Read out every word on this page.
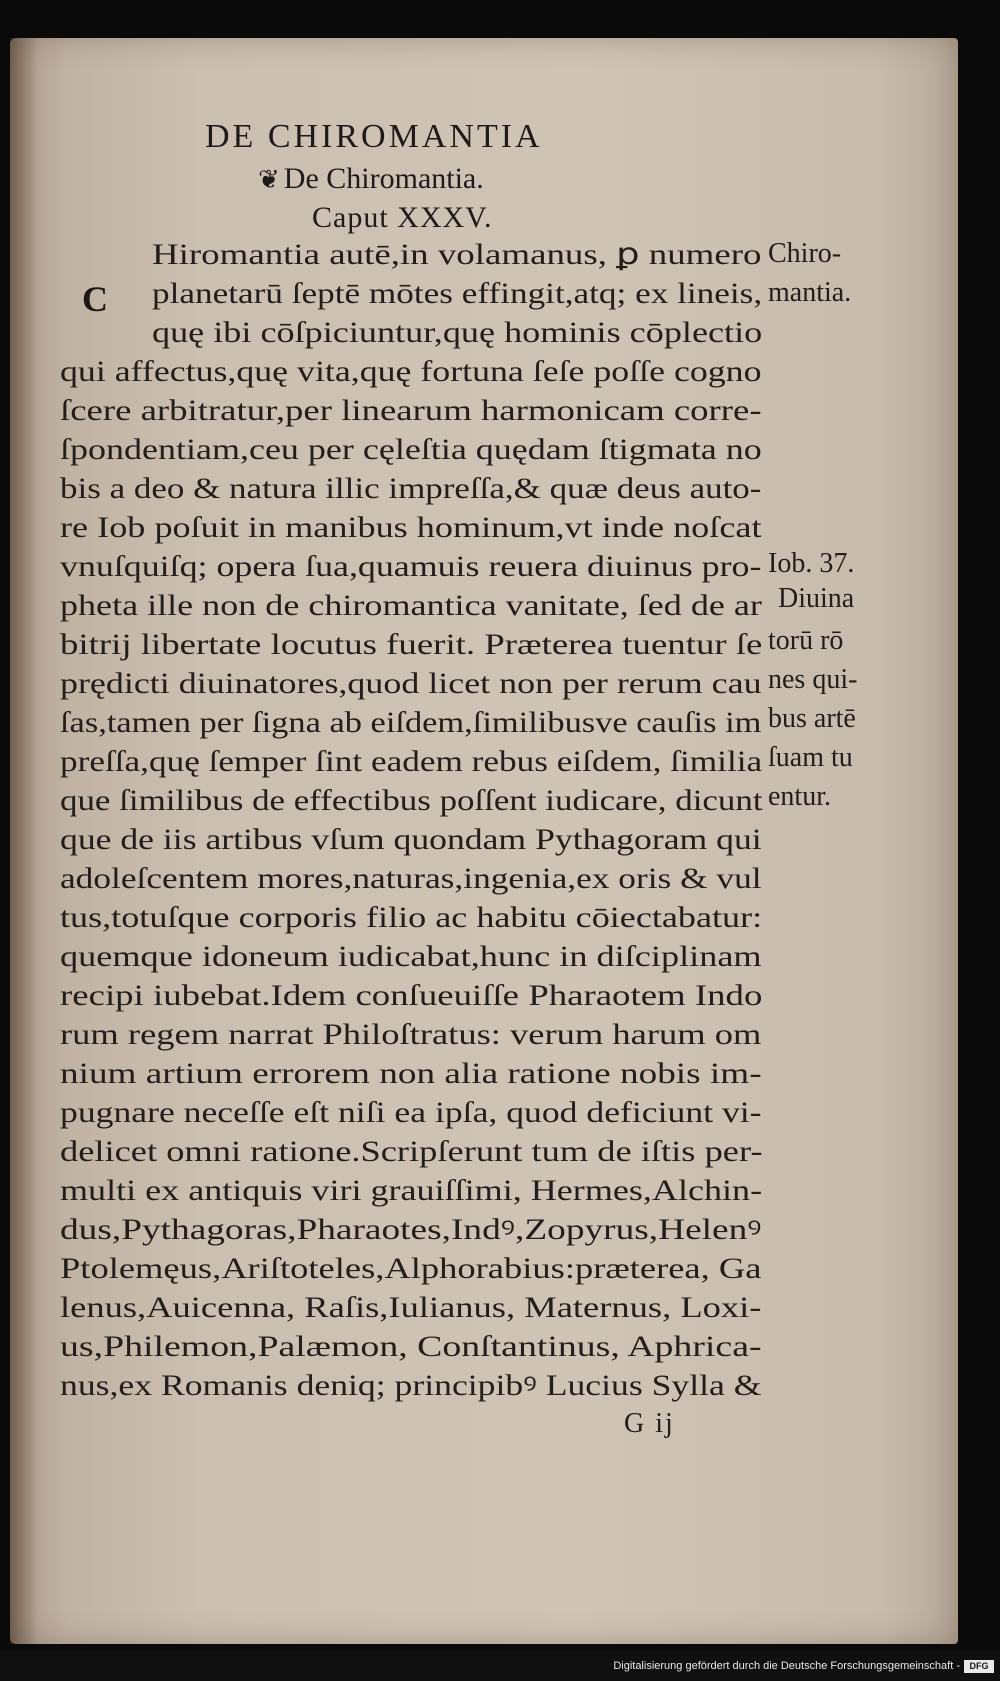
DE CHIROMANTIA
❦ De Chiromantia.
Caput XXXV.
C
Hiromantia autē,in volamanus, ꝑ numero
planetarū ſeptē mōtes effingit,atq; ex lineis,
quę ibi cōſpiciuntur,quę hominis cōplectio
qui affectus,quę vita,quę fortuna ſeſe poſſe cogno
ſcere arbitratur,per linearum harmonicam corre-
ſpondentiam,ceu per cęleſtia quędam ſtigmata no
bis a deo & natura illic impreſſa,& quæ deus auto-
re Iob poſuit in manibus hominum,vt inde noſcat
vnuſquiſq; opera ſua,quamuis reuera diuinus pro-
pheta ille non de chiromantica vanitate, ſed de ar
bitrij libertate locutus fuerit. Præterea tuentur ſe
prędicti diuinatores,quod licet non per rerum cau
ſas,tamen per ſigna ab eiſdem,ſimilibusve cauſis im
preſſa,quę ſemper ſint eadem rebus eiſdem, ſimilia
que ſimilibus de effectibus poſſent iudicare, dicunt
que de iis artibus vſum quondam Pythagoram qui
adoleſcentem mores,naturas,ingenia,ex oris & vul
tus,totuſque corporis filio ac habitu cōiectabatur:
quemque idoneum iudicabat,hunc in diſciplinam
recipi iubebat.Idem conſueuiſſe Pharaotem Indo
rum regem narrat Philoſtratus: verum harum om
nium artium errorem non alia ratione nobis im-
pugnare neceſſe eſt niſi ea ipſa, quod deficiunt vi-
delicet omni ratione.Scripſerunt tum de iſtis per-
multi ex antiquis viri grauiſſimi, Hermes,Alchin-
dus,Pythagoras,Pharaotes,Indꝰ,Zopyrus,Helenꝰ
Ptolemęus,Ariſtoteles,Alphorabius:præterea, Ga
lenus,Auicenna, Raſis,Iulianus, Maternus, Loxi-
us,Philemon,Palæmon, Conſtantinus, Aphrica-
nus,ex Romanis deniq; principibꝰ Lucius Sylla &
Chiro-
mantia.
Iob. 37.
Diuina
torū rō
nes qui-
bus artē
ſuam tu
entur.
G ij
Digitalisierung gefördert durch die Deutsche Forschungsgemeinschaft -	DFG
